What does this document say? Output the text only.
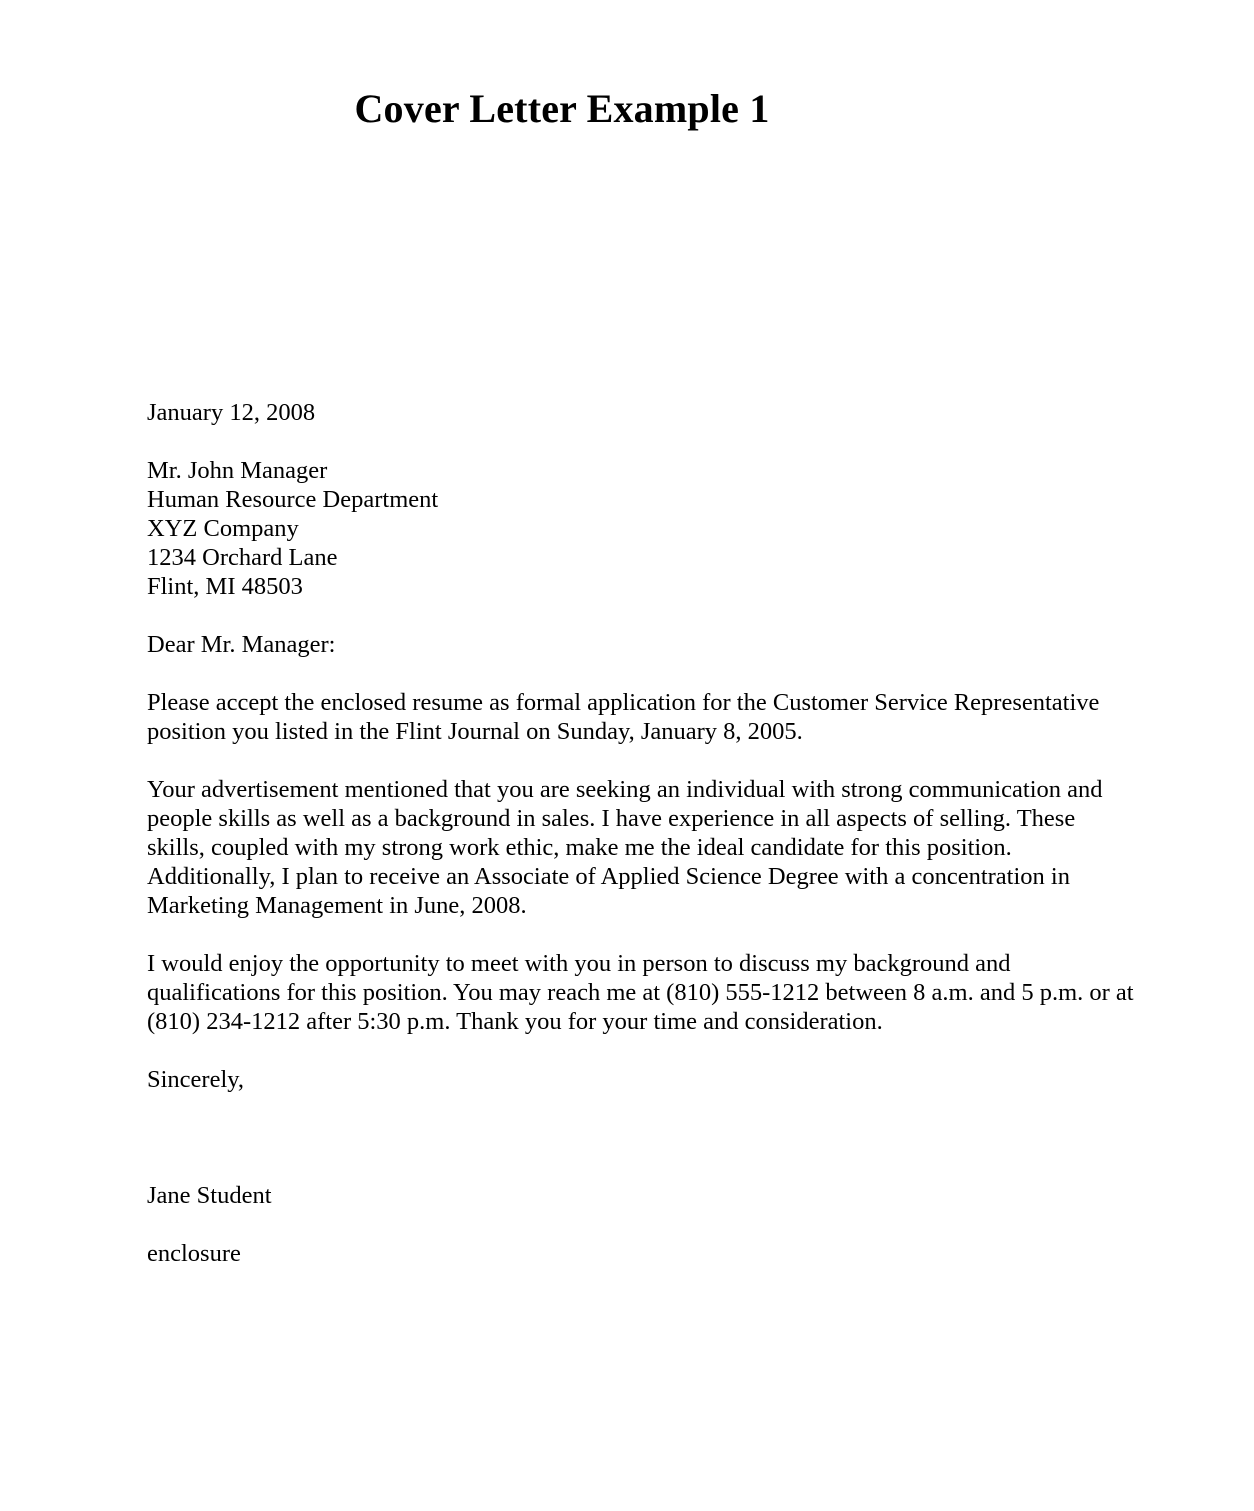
Cover Letter Example 1
January 12, 2008
Mr. John Manager
Human Resource Department
XYZ Company
1234 Orchard Lane
Flint, MI 48503
Dear Mr. Manager:

Please accept the enclosed resume as formal application for the Customer Service Representative position you listed in the Flint Journal on Sunday, January 8, 2005.

Your advertisement mentioned that you are seeking an individual with strong communication and people skills as well as a background in sales. I have experience in all aspects of selling. These skills, coupled with my strong work ethic, make me the ideal candidate for this position. Additionally, I plan to receive an Associate of Applied Science Degree with a concentration in Marketing Management in June, 2008.

I would enjoy the opportunity to meet with you in person to discuss my background and qualifications for this position. You may reach me at (810) 555-1212 between 8 a.m. and 5 p.m. or at (810) 234-1212 after 5:30 p.m. Thank you for your time and consideration.

Sincerely,
Jane Student
enclosure
